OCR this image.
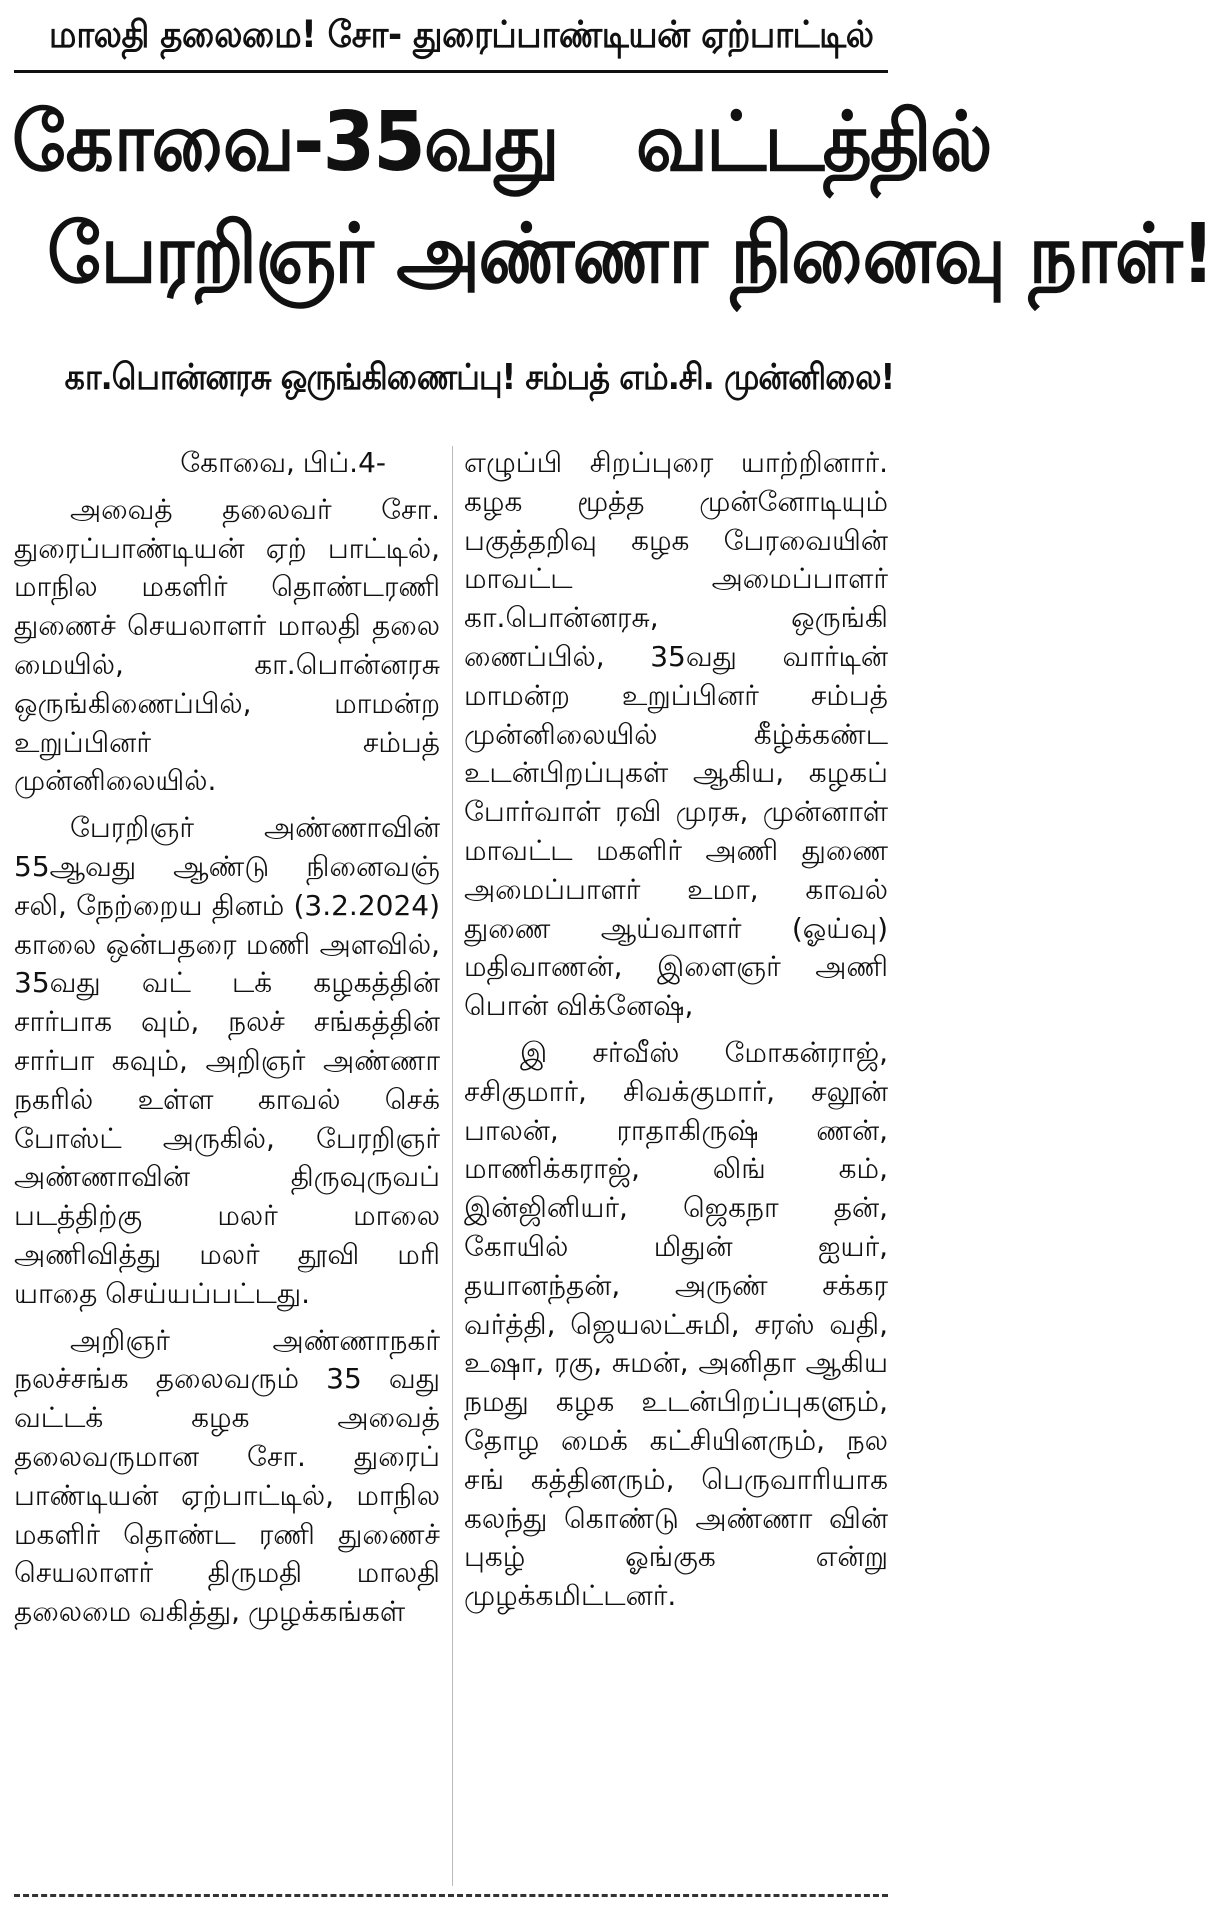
மாலதி தலைமை! சோ- துரைப்பாண்டியன் ஏற்பாட்டில்
கோவை-35வது வட்டத்தில்
பேரறிஞர் அண்ணா நினைவு நாள்!
கா.பொன்னரசு ஒருங்கிணைப்பு! சம்பத் எம்.சி. முன்னிலை!

கோவை, பிப்.4-

அவைத் தலைவர் சோ. துரைப்பாண்டியன் ஏற் பாட்டில், மாநில மகளிர் தொண்டரணி துணைச் செயலாளர் மாலதி தலை மையில், கா.பொன்னரசு ஒருங்கிணைப்பில், மாமன்ற உறுப்பினர் சம்பத் முன்னிலையில்.

பேரறிஞர் அண்ணாவின் 55ஆவது ஆண்டு நினைவஞ் சலி, நேற்றைய தினம் (3.2.2024) காலை ஒன்பதரை மணி அளவில், 35வது வட் டக் கழகத்தின் சார்பாக வும், நலச் சங்கத்தின் சார்பா கவும், அறிஞர் அண்ணா நகரில் உள்ள காவல் செக் போஸ்ட் அருகில், பேரறிஞர் அண்ணாவின் திருவுருவப் படத்திற்கு மலர் மாலை அணிவித்து மலர் தூவி மரி யாதை செய்யப்பட்டது.

அறிஞர் அண்ணாநகர் நலச்சங்க தலைவரும் 35 வது வட்டக் கழக அவைத் தலைவருமான சோ. துரைப் பாண்டியன் ஏற்பாட்டில், மாநில மகளிர் தொண்ட ரணி துணைச் செயலாளர் திருமதி மாலதி தலைமை வகித்து, முழக்கங்கள்

எழுப்பி சிறப்புரை யாற்றினார். கழக மூத்த முன்னோடியும் பகுத்தறிவு கழக பேரவையின் மாவட்ட அமைப்பாளர் கா.பொன்னரசு, ஒருங்கி ணைப்பில், 35வது வார்டின் மாமன்ற உறுப்பினர் சம்பத் முன்னிலையில் கீழ்க்கண்ட உடன்பிறப்புகள் ஆகிய, கழகப் போர்வாள் ரவி முரசு, முன்னாள் மாவட்ட மகளிர் அணி துணை அமைப்பாளர் உமா, காவல் துணை ஆய்வாளர் (ஓய்வு) மதிவாணன், இளைஞர் அணி பொன் விக்னேஷ்,

இ சர்வீஸ் மோகன்ராஜ், சசிகுமார், சிவக்குமார், சலூன் பாலன், ராதாகிருஷ் ணன், மாணிக்கராஜ், லிங் கம், இன்ஜினியர், ஜெகநா தன், கோயில் மிதுன் ஐயர், தயானந்தன், அருண் சக்கர வர்த்தி, ஜெயலட்சுமி, சரஸ் வதி, உஷா, ரகு, சுமன், அனிதா ஆகிய நமது கழக உடன்பிறப்புகளும், தோழ மைக் கட்சியினரும், நல சங் கத்தினரும், பெருவாரியாக கலந்து கொண்டு அண்ணா வின் புகழ் ஓங்குக என்று முழக்கமிட்டனர்.
